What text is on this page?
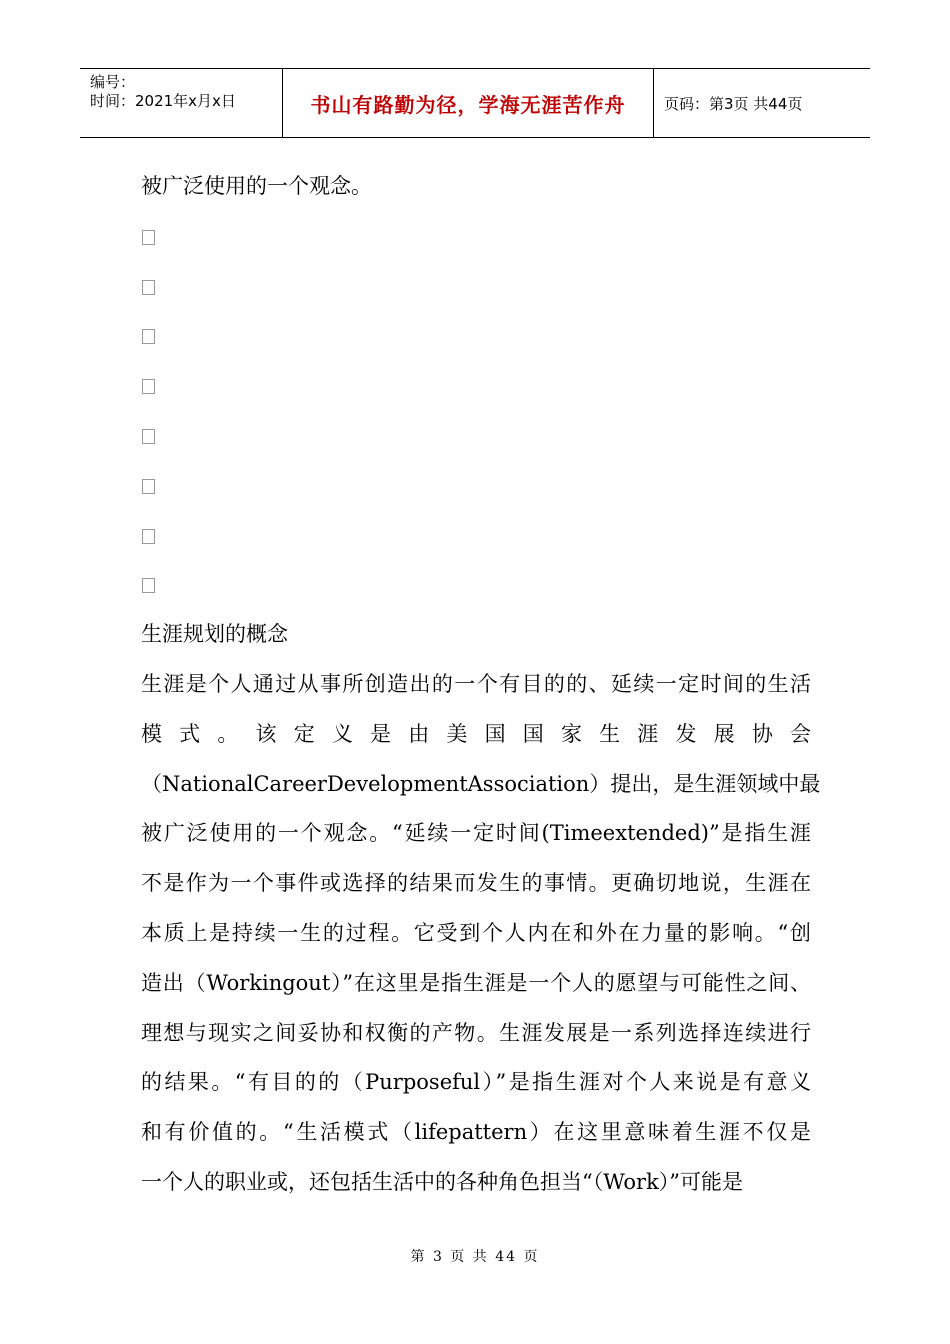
编号：
时间：2021年x月x日	书山有路勤为径，学海无涯苦作舟	页码：第3页 共44页
被广泛使用的一个观念。
生涯规划的概念
生涯是个人通过从事所创造出的一个有目的的、延续一定时间的生活
模式。该定义是由美国国家生涯发展协会
（NationalCareerDevelopmentAssociation）提出，是生涯领域中最
被广泛使用的一个观念。“延续一定时间(Timeextended)”是指生涯
不是作为一个事件或选择的结果而发生的事情。更确切地说，生涯在
本质上是持续一生的过程。它受到个人内在和外在力量的影响。“创
造出（Workingout）”在这里是指生涯是一个人的愿望与可能性之间、
理想与现实之间妥协和权衡的产物。生涯发展是一系列选择连续进行
的结果。“有目的的（Purposeful）”是指生涯对个人来说是有意义
和有价值的。“生活模式（lifepattern）在这里意味着生涯不仅是
一个人的职业或，还包括生活中的各种角色担当“（Work）”可能是
第 3 页 共 44 页
